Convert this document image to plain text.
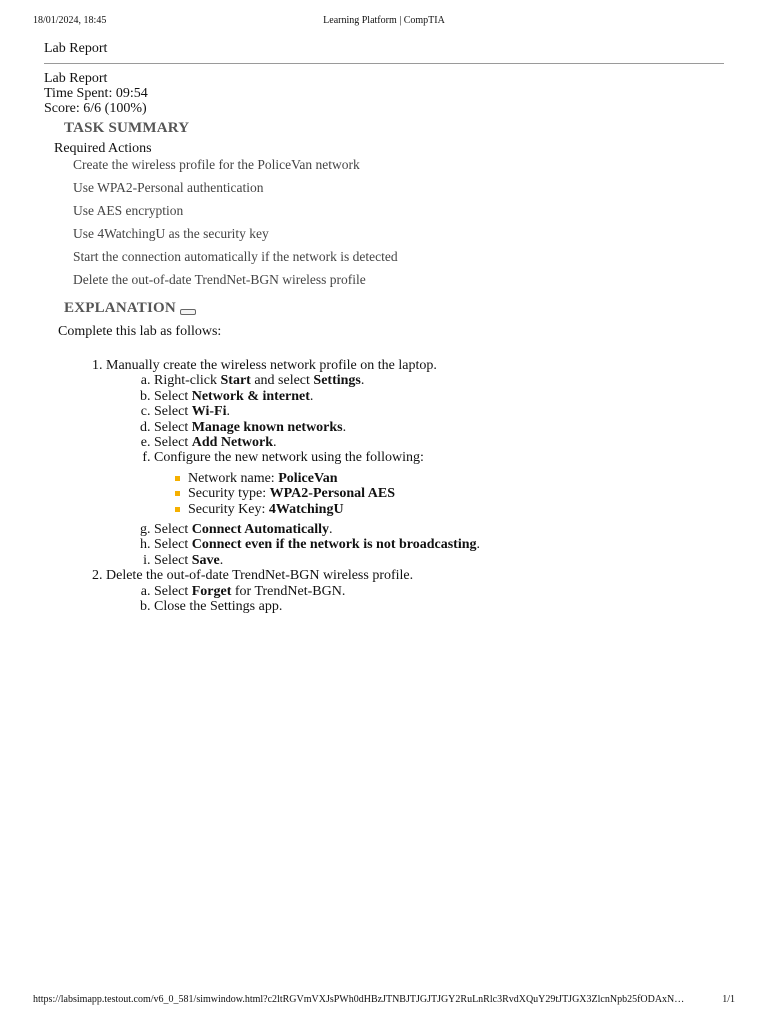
18/01/2024, 18:45	Learning Platform | CompTIA
Lab Report
Lab Report
Time Spent: 09:54
Score: 6/6 (100%)
TASK SUMMARY
Required Actions
Create the wireless profile for the PoliceVan network
Use WPA2-Personal authentication
Use AES encryption
Use 4WatchingU as the security key
Start the connection automatically if the network is detected
Delete the out-of-date TrendNet-BGN wireless profile
EXPLANATION
Complete this lab as follows:
1. Manually create the wireless network profile on the laptop.
a. Right-click Start and select Settings.
b. Select Network & internet.
c. Select Wi-Fi.
d. Select Manage known networks.
e. Select Add Network.
f. Configure the new network using the following:
Network name: PoliceVan
Security type: WPA2-Personal AES
Security Key: 4WatchingU
g. Select Connect Automatically.
h. Select Connect even if the network is not broadcasting.
i. Select Save.
2. Delete the out-of-date TrendNet-BGN wireless profile.
a. Select Forget for TrendNet-BGN.
b. Close the Settings app.
https://labsimapp.testout.com/v6_0_581/simwindow.html?c2ltRGVmVXJsPWh0dHBzJTNBJTJGJTJGY2RuLnRlc3RvdXQuY29tJTJGX3ZlcnNpb25fODAxN…	1/1
